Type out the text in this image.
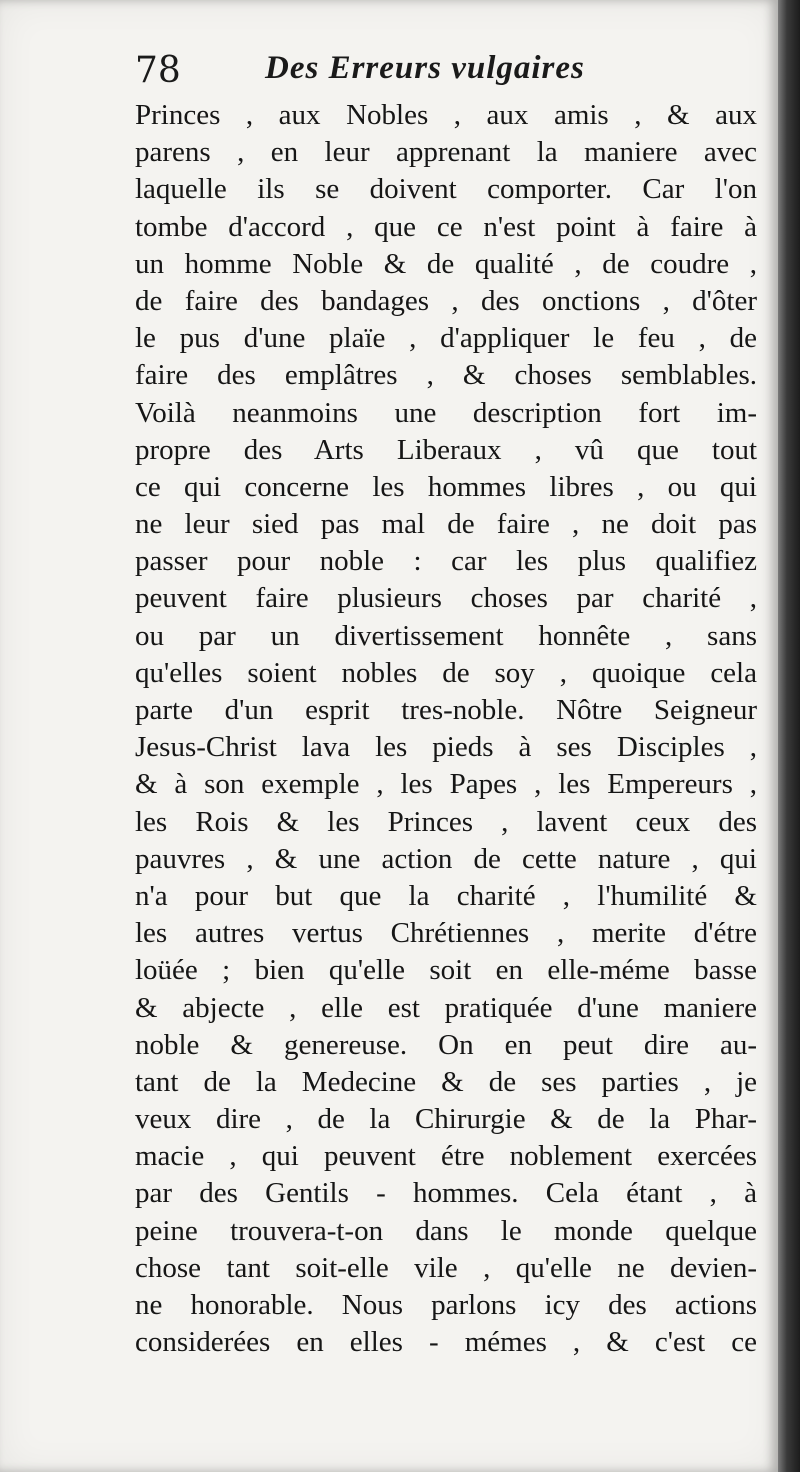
78	Des Erreurs vulgaires
Princes , aux Nobles , aux amis , & aux
parens , en leur apprenant la maniere avec
laquelle ils se doivent comporter. Car l'on
tombe d'accord , que ce n'est point à faire à
un homme Noble & de qualité , de coudre ,
de faire des bandages , des onctions , d'ôter
le pus d'une plaïe , d'appliquer le feu , de
faire des emplâtres , & choses semblables.
Voilà neanmoins une description fort im-
propre des Arts Liberaux , vû que tout
ce qui concerne les hommes libres , ou qui
ne leur sied pas mal de faire , ne doit pas
passer pour noble : car les plus qualifiez
peuvent faire plusieurs choses par charité ,
ou par un divertissement honnête , sans
qu'elles soient nobles de soy , quoique cela
parte d'un esprit tres-noble. Nôtre Seigneur
Jesus-Christ lava les pieds à ses Disciples ,
& à son exemple , les Papes , les Empereurs ,
les Rois & les Princes , lavent ceux des
pauvres , & une action de cette nature , qui
n'a pour but que la charité , l'humilité &
les autres vertus Chrétiennes , merite d'étre
loüée ; bien qu'elle soit en elle-méme basse
& abjecte , elle est pratiquée d'une maniere
noble & genereuse. On en peut dire au-
tant de la Medecine & de ses parties , je
veux dire , de la Chirurgie & de la Phar-
macie , qui peuvent étre noblement exercées
par des Gentils - hommes. Cela étant , à
peine trouvera-t-on dans le monde quelque
chose tant soit-elle vile , qu'elle ne devien-
ne honorable. Nous parlons icy des actions
considerées en elles - mémes , & c'est ce
